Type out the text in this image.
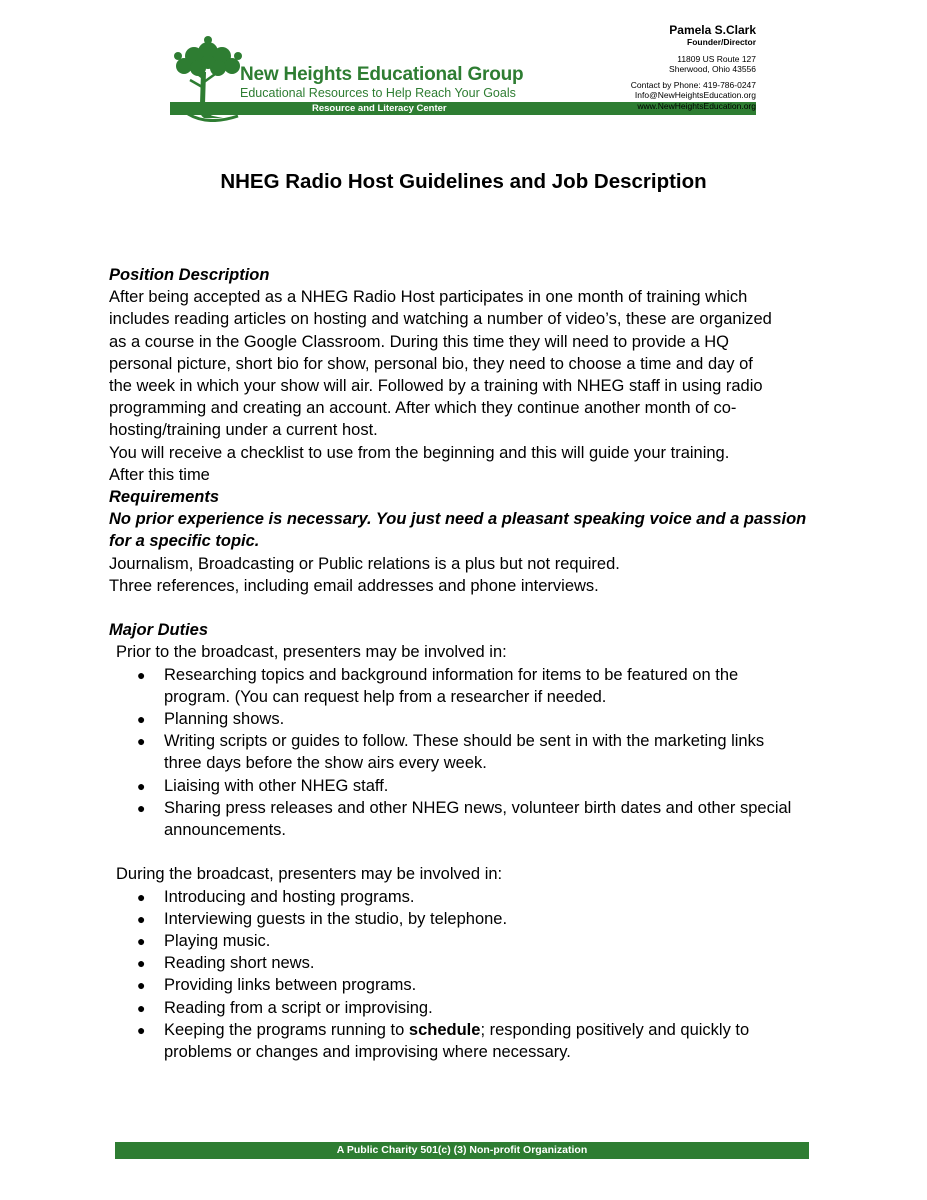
New Heights Educational Group
Educational Resources to Help Reach Your Goals
Resource and Literacy Center
Pamela S.Clark
Founder/Director
11809 US Route 127
Sherwood, Ohio 43556
Contact by Phone: 419-786-0247
Info@NewHeightsEducation.org
www.NewHeightsEducation.org
NHEG Radio Host Guidelines and Job Description

Position Description

After being accepted as a NHEG Radio Host participates in one month of training which

includes reading articles on hosting and watching a number of video’s, these are organized

as a course in the Google Classroom. During this time they will need to provide a HQ

personal picture, short bio for show, personal bio, they need to choose a time and day of

the week in which your show will air. Followed by a training with NHEG staff in using radio

programming and creating an account. After which they continue another month of co-

hosting/training under a current host.

You will receive a checklist to use from the beginning and this will guide your training.

After this time

Requirements

No prior experience is necessary. You just need a pleasant speaking voice and a passion

for a specific topic.

Journalism, Broadcasting or Public relations is a plus but not required.

Three references, including email addresses and phone interviews.

Major Duties

Prior to the broadcast, presenters may be involved in:

● Researching topics and background information for items to be featured on the
program. (You can request help from a researcher if needed.
● Planning shows.
● Writing scripts or guides to follow. These should be sent in with the marketing links
three days before the show airs every week.
● Liaising with other NHEG staff.
● Sharing press releases and other NHEG news, volunteer birth dates and other special
announcements.

During the broadcast, presenters may be involved in:

● Introducing and hosting programs.
● Interviewing guests in the studio, by telephone.
● Playing music.
● Reading short news.
● Providing links between programs.
● Reading from a script or improvising.
● Keeping the programs running to schedule; responding positively and quickly to
problems or changes and improvising where necessary.
A Public Charity 501(c) (3) Non-profit Organization
